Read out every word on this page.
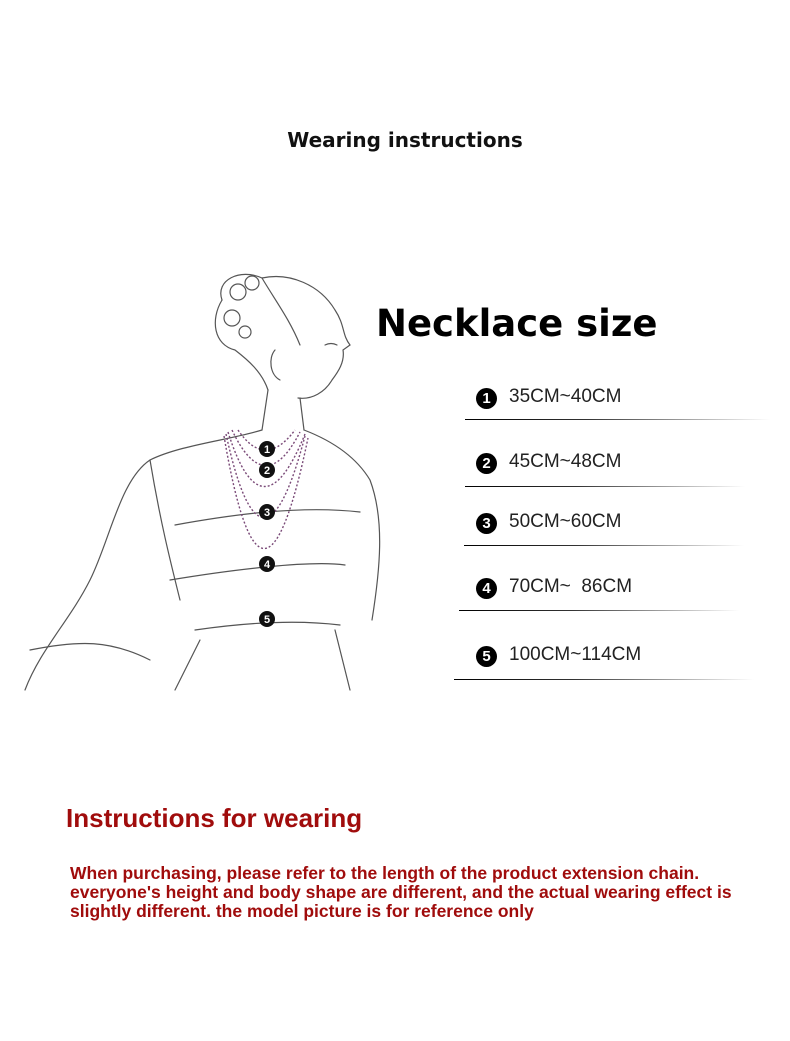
Wearing instructions
1
2
3
4
5
Necklace size
1 35CM~40CM
2 45CM~48CM
3 50CM~60CM
4 70CM~  86CM
5 100CM~114CM
Instructions for wearing
When purchasing, please refer to the length of the product extension chain. everyone's height and body shape are different, and the actual wearing effect is slightly different. the model picture is for reference only
